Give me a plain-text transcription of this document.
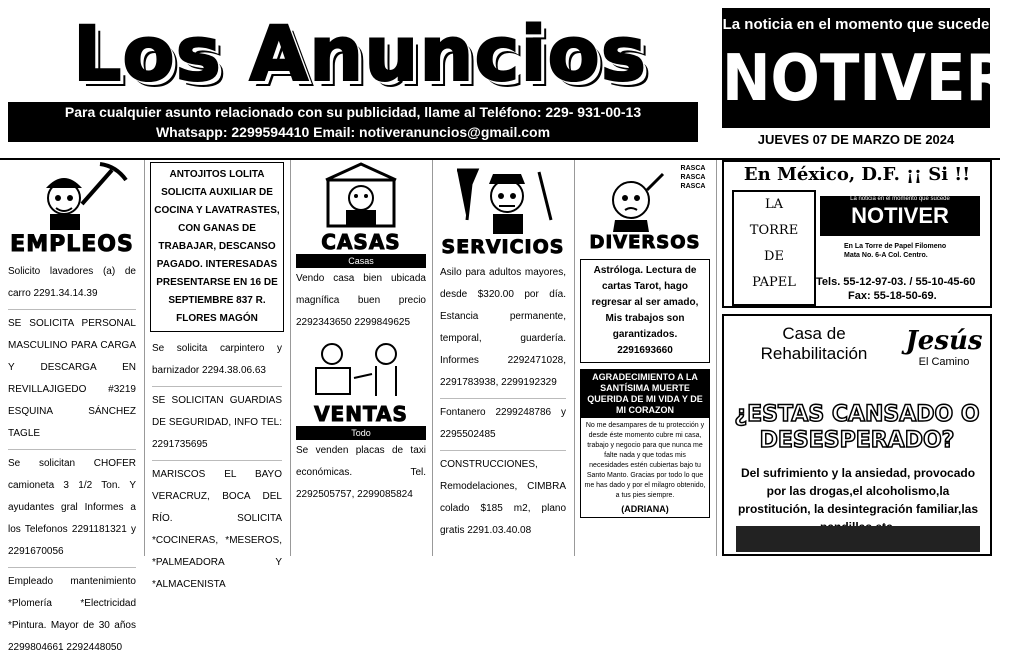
Los Anuncios
Para cualquier asunto relacionado con su publicidad, llame al Teléfono: 229- 931-00-13
Whatsapp: 2299594410 Email: notiveranuncios@gmail.com
La noticia en el momento que sucede
NOTIVER
JUEVES 07 DE MARZO DE 2024
EMPLEOS

Solicito lavadores (a) de carro 2291.34.14.39

SE SOLICITA PERSONAL MASCULINO PARA CARGA Y DESCARGA EN REVILLAJIGEDO #3219 ESQUINA SÁNCHEZ TAGLE

Se solicitan CHOFER camioneta 3 1/2 Ton. Y ayudantes gral Informes a los Telefonos 2291181321 y 2291670056

Empleado mantenimiento *Plomería *Electricidad *Pintura. Mayor de 30 años 2299804661 2292448050

ANTOJITOS LOLITA SOLICITA AUXILIAR DE COCINA Y LAVATRASTES, CON GANAS DE TRABAJAR, DESCANSO PAGADO. INTERESADAS PRESENTARSE EN 16 DE SEPTIEMBRE 837 R. FLORES MAGÓN

Se solicita carpintero y barnizador 2294.38.06.63

SE SOLICITAN GUARDIAS DE SEGURIDAD, INFO TEL: 2291735695

MARISCOS EL BAYO VERACRUZ, BOCA DEL RÍO. SOLICITA *COCINERAS, *MESEROS, *PALMEADORA Y *ALMACENISTA

CASAS
Casas

Vendo casa bien ubicada magnífica buen precio 2292343650 2299849625

VENTAS
Todo

Se venden placas de taxi económicas. Tel. 2292505757, 2299085824

SERVICIOS

Asilo para adultos mayores, desde $320.00 por día. Estancia permanente, temporal, guardería. Informes 2292471028, 2291783938, 2299192329

Fontanero 2299248786 y 2295502485

CONSTRUCCIONES, Remodelaciones, CIMBRA colado $185 m2, plano gratis 2291.03.40.08

RASCA RASCA RASCA
DIVERSOS
Astróloga. Lectura de cartas Tarot, hago regresar al ser amado, Mis trabajos son garantizados. 2291693660
AGRADECIMIENTO A LA SANTÍSIMA MUERTE QUERIDA DE MI VIDA Y DE MI CORAZON
No me desampares de tu protección y desde éste momento cubre mi casa, trabajo y negocio para que nunca me falte nada y que todas mis necesidades estén cubiertas bajo tu Santo Manto. Gracias por todo lo que me has dado y por el milagro obtenido, a tus pies siempre.
(ADRIANA)
En México, D.F. ¡¡ Si !!
LA
TORRE
DE
PAPEL
La noticia en el momento que sucede
NOTIVER
En La Torre de Papel Filomeno Mata No. 6-A Col. Centro.
Tels. 55-12-97-03. / 55-10-45-60
Fax: 55-18-50-69.
Casa de
Rehabilitación	Jesús
El Camino
¿ESTAS CANSADO O DESESPERADO?
Del sufrimiento y la ansiedad, provocado por las drogas,el alcoholismo,la prostitución, la desintegración familiar,las
